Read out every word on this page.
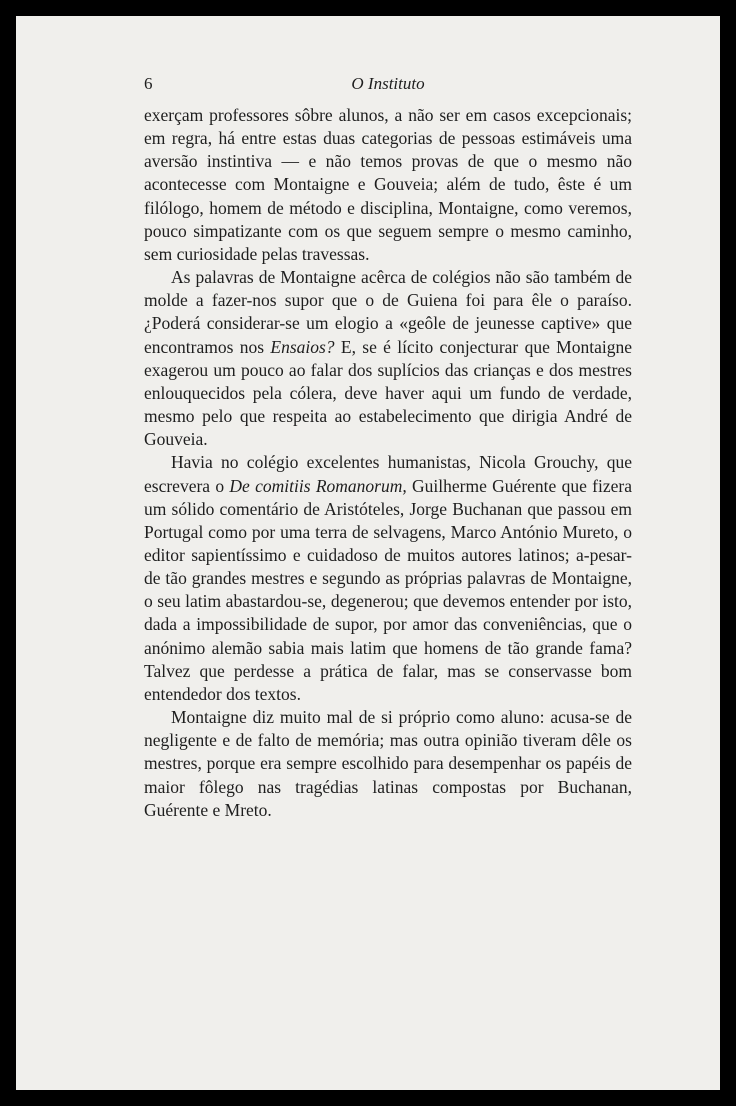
6	O Instituto

exerçam professores sôbre alunos, a não ser em casos excepcionais; em regra, há entre estas duas categorias de pessoas estimáveis uma aversão instintiva — e não temos provas de que o mesmo não acontecesse com Montaigne e Gouveia; além de tudo, êste é um filólogo, homem de método e disciplina, Montaigne, como veremos, pouco simpatizante com os que seguem sempre o mesmo caminho, sem curiosidade pelas travessas.

As palavras de Montaigne acêrca de colégios não são também de molde a fazer-nos supor que o de Guiena foi para êle o paraíso. ¿Poderá considerar-se um elogio a «geôle de jeunesse captive» que encontramos nos Ensaios? E, se é lícito conjecturar que Montaigne exagerou um pouco ao falar dos suplícios das crianças e dos mestres enlouquecidos pela cólera, deve haver aqui um fundo de verdade, mesmo pelo que respeita ao estabelecimento que dirigia André de Gouveia.

Havia no colégio excelentes humanistas, Nicola Grouchy, que escrevera o De comitiis Romanorum, Guilherme Guérente que fizera um sólido comentário de Aristóteles, Jorge Buchanan que passou em Portugal como por uma terra de selvagens, Marco António Mureto, o editor sapientíssimo e cuidadoso de muitos autores latinos; a-pesar-de tão grandes mestres e segundo as próprias palavras de Montaigne, o seu latim abastardou-se, degenerou; que devemos entender por isto, dada a impossibilidade de supor, por amor das conveniências, que o anónimo alemão sabia mais latim que homens de tão grande fama? Talvez que perdesse a prática de falar, mas se conservasse bom entendedor dos textos.

Montaigne diz muito mal de si próprio como aluno: acusa-se de negligente e de falto de memória; mas outra opinião tiveram dêle os mestres, porque era sempre escolhido para desempenhar os papéis de maior fôlego nas tragédias latinas compostas por Buchanan, Guérente e Mreto.
